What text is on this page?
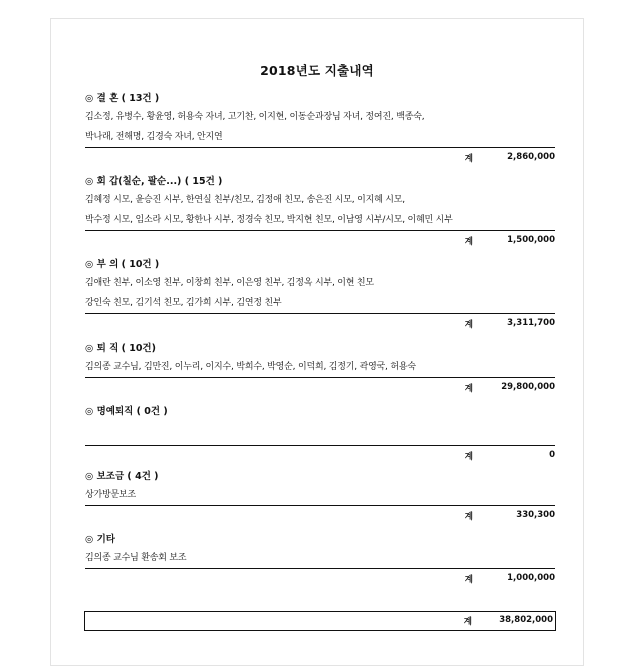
2018년도 지출내역
◎ 결 혼 ( 13건 )
김소정, 유병수, 황윤영, 허용숙 자녀, 고기찬, 이지현, 이동순과장님 자녀, 정여진, 백종숙,
박나래, 전해명, 김경숙 자녀, 안지연
계	2,860,000
◎ 회 갑(칠순, 팔순...) ( 15건 )
김혜정 시모, 윤승진 시부, 한연실 친부/친모, 김정애 친모, 송은진 시모, 이지혜 시모,
박수정 시모, 임소라 시모, 황한나 시부, 정경숙 친모, 박지현 친모, 이남영 시부/시모, 이혜민 시부
계	1,500,000
◎ 부 의 ( 10건 )
김애란 친부, 이소영 친부, 이창희 친부, 이은영 친부, 김정옥 시부, 이현 친모
강인숙 친모, 김기석 친모, 김가희 시부, 김연정 친부
계	3,311,700
◎ 퇴 직 ( 10건)
김의종 교수님, 김만진, 이누리, 이지수, 박희수, 박영순, 이덕희, 김정기, 곽영국, 허용숙
계	29,800,000
◎ 명예퇴직 ( 0건 )
계	0
◎ 보조금 ( 4건 )
상가방문보조
계	330,300
◎ 기타
김의종 교수님 환송회 보조
계	1,000,000
계	38,802,000
